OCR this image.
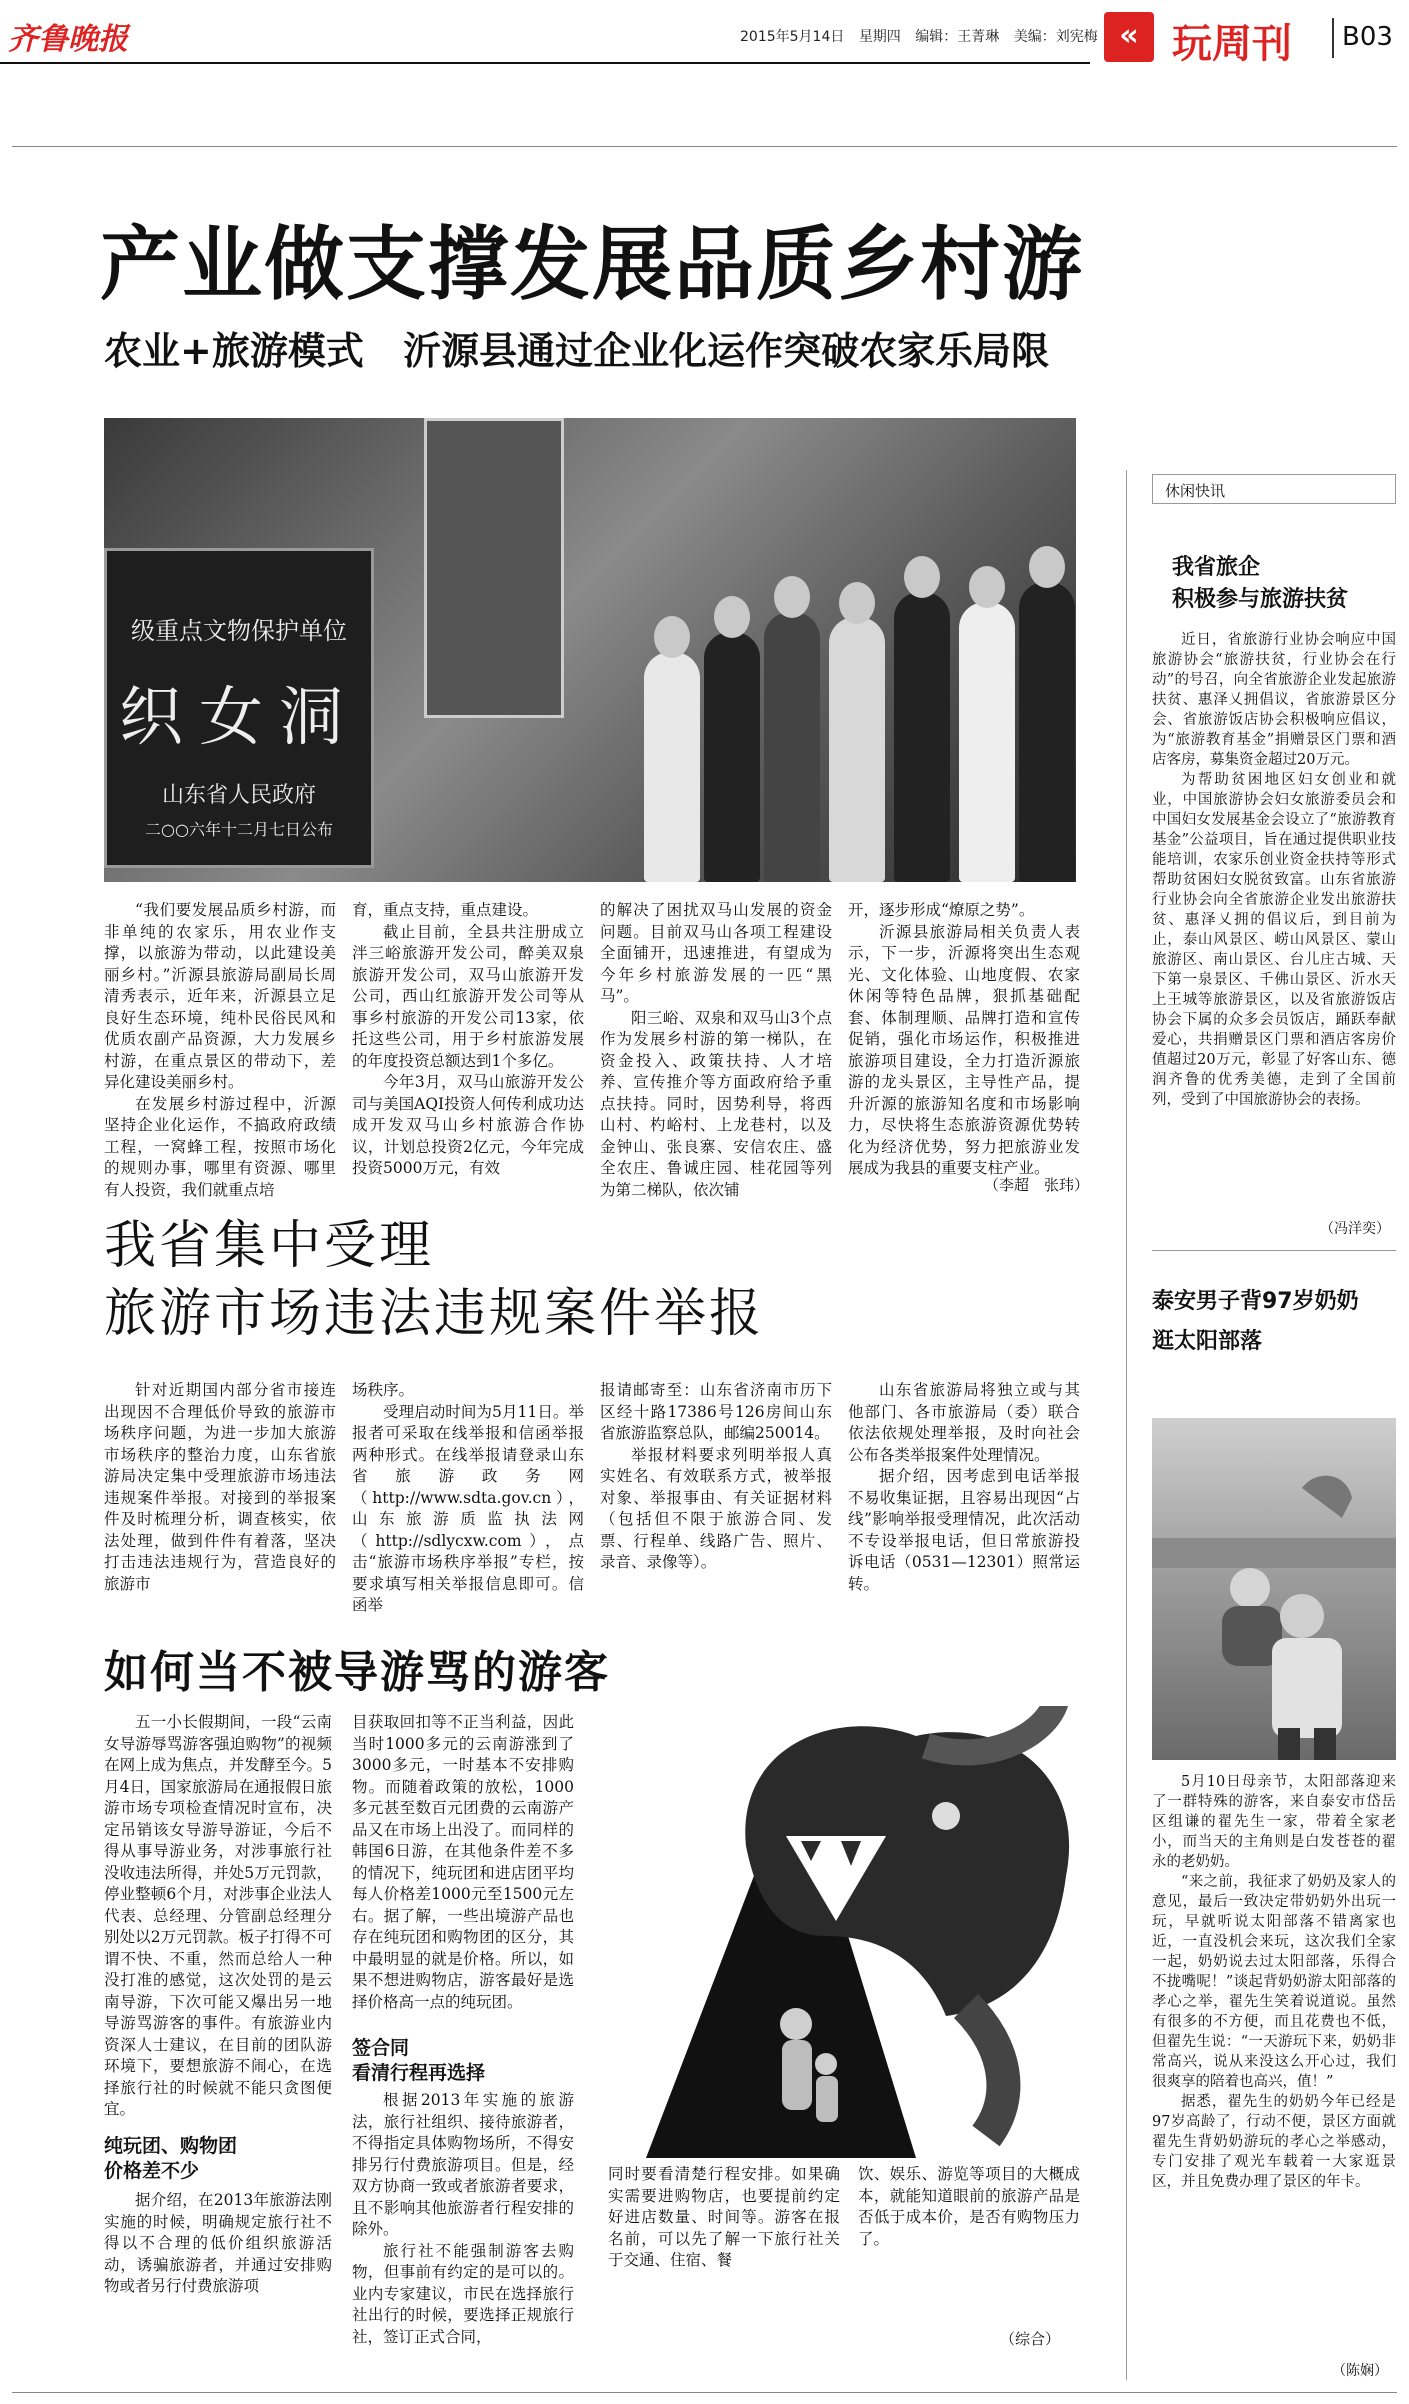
齐鲁晚报	2015年5月14日 星期四 编辑：王菁琳 美编：刘宪梅 « 玩周刊 B03
产业做支撑发展品质乡村游
农业+旅游模式 沂源县通过企业化运作突破农家乐局限
级重点文物保护单位
织女洞
山东省人民政府
二○○六年十二月七日公布

“我们要发展品质乡村游，而非单纯的农家乐，用农业作支撑，以旅游为带动，以此建设美丽乡村。”沂源县旅游局副局长周清秀表示，近年来，沂源县立足良好生态环境，纯朴民俗民风和优质农副产品资源，大力发展乡村游，在重点景区的带动下，差异化建设美丽乡村。

在发展乡村游过程中，沂源坚持企业化运作，不搞政府政绩工程，一窝蜂工程，按照市场化的规则办事，哪里有资源、哪里有人投资，我们就重点培

育，重点支持，重点建设。

截止目前，全县共注册成立泮三峪旅游开发公司，醉美双泉旅游开发公司，双马山旅游开发公司，西山红旅游开发公司等从事乡村旅游的开发公司13家，依托这些公司，用于乡村旅游发展的年度投资总额达到1个多亿。

今年3月，双马山旅游开发公司与美国AQI投资人何传利成功达成开发双马山乡村旅游合作协议，计划总投资2亿元，今年完成投资5000万元，有效

的解决了困扰双马山发展的资金问题。目前双马山各项工程建设全面铺开，迅速推进，有望成为今年乡村旅游发展的一匹“黑马”。

阳三峪、双泉和双马山3个点作为发展乡村游的第一梯队，在资金投入、政策扶持、人才培养、宣传推介等方面政府给予重点扶持。同时，因势利导，将西山村、杓峪村、上龙巷村，以及金钟山、张良寨、安信农庄、盛全农庄、鲁诚庄园、桂花园等列为第二梯队，依次铺

开，逐步形成“燎原之势”。

沂源县旅游局相关负责人表示，下一步，沂源将突出生态观光、文化体验、山地度假、农家休闲等特色品牌，狠抓基础配套、体制理顺、品牌打造和宣传促销，强化市场运作，积极推进旅游项目建设，全力打造沂源旅游的龙头景区，主导性产品，提升沂源的旅游知名度和市场影响力，尽快将生态旅游资源优势转化为经济优势，努力把旅游业发展成为我县的重要支柱产业。

（李超　张玮）
我省集中受理
旅游市场违法违规案件举报

针对近期国内部分省市接连出现因不合理低价导致的旅游市场秩序问题，为进一步加大旅游市场秩序的整治力度，山东省旅游局决定集中受理旅游市场违法违规案件举报。对接到的举报案件及时梳理分析，调查核实，依法处理，做到件件有着落，坚决打击违法违规行为，营造良好的旅游市

场秩序。

受理启动时间为5月11日。举报者可采取在线举报和信函举报两种形式。在线举报请登录山东省旅游政务网（http://www.sdta.gov.cn），山东旅游质监执法网（http://sdlycxw.com），点击“旅游市场秩序举报”专栏，按要求填写相关举报信息即可。信函举

报请邮寄至：山东省济南市历下区经十路17386号126房间山东省旅游监察总队，邮编250014。

举报材料要求列明举报人真实姓名、有效联系方式，被举报对象、举报事由、有关证据材料（包括但不限于旅游合同、发票、行程单、线路广告、照片、录音、录像等）。

山东省旅游局将独立或与其他部门、各市旅游局（委）联合依法依规处理举报，及时向社会公布各类举报案件处理情况。

据介绍，因考虑到电话举报不易收集证据，且容易出现因“占线”影响举报受理情况，此次活动不专设举报电话，但日常旅游投诉电话（0531—12301）照常运转。

如何当不被导游骂的游客

五一小长假期间，一段“云南女导游辱骂游客强迫购物”的视频在网上成为焦点，并发酵至今。5月4日，国家旅游局在通报假日旅游市场专项检查情况时宣布，决定吊销该女导游导游证，今后不得从事导游业务，对涉事旅行社没收违法所得，并处5万元罚款，停业整顿6个月，对涉事企业法人代表、总经理、分管副总经理分别处以2万元罚款。板子打得不可谓不快、不重，然而总给人一种没打准的感觉，这次处罚的是云南导游，下次可能又爆出另一地导游骂游客的事件。有旅游业内资深人士建议，在目前的团队游环境下，要想旅游不闹心，在选择旅行社的时候就不能只贪图便宜。

纯玩团、购物团
价格差不少

据介绍，在2013年旅游法刚实施的时候，明确规定旅行社不得以不合理的低价组织旅游活动，诱骗旅游者，并通过安排购物或者另行付费旅游项

目获取回扣等不正当利益，因此当时1000多元的云南游涨到了3000多元，一时基本不安排购物。而随着政策的放松，1000多元甚至数百元团费的云南游产品又在市场上出没了。而同样的韩国6日游，在其他条件差不多的情况下，纯玩团和进店团平均每人价格差1000元至1500元左右。据了解，一些出境游产品也存在纯玩团和购物团的区分，其中最明显的就是价格。所以，如果不想进购物店，游客最好是选择价格高一点的纯玩团。

签合同
看清行程再选择

根据2013年实施的旅游法，旅行社组织、接待旅游者，不得指定具体购物场所，不得安排另行付费旅游项目。但是，经双方协商一致或者旅游者要求，且不影响其他旅游者行程安排的除外。

旅行社不能强制游客去购物，但事前有约定的是可以的。业内专家建议，市民在选择旅行社出行的时候，要选择正规旅行社，签订正式合同，

同时要看清楚行程安排。如果确实需要进购物店，也要提前约定好进店数量、时间等。游客在报名前，可以先了解一下旅行社关于交通、住宿、餐

饮、娱乐、游览等项目的大概成本，就能知道眼前的旅游产品是否低于成本价，是否有购物压力了。

（综合）
休闲快讯
我省旅企
积极参与旅游扶贫

近日，省旅游行业协会响应中国旅游协会“旅游扶贫，行业协会在行动”的号召，向全省旅游企业发起旅游扶贫、惠泽乂拥倡议，省旅游景区分会、省旅游饭店协会积极响应倡议，为“旅游教育基金”捐赠景区门票和酒店客房，募集资金超过20万元。

为帮助贫困地区妇女创业和就业，中国旅游协会妇女旅游委员会和中国妇女发展基金会设立了“旅游教育基金”公益项目，旨在通过提供职业技能培训，农家乐创业资金扶持等形式帮助贫困妇女脱贫致富。山东省旅游行业协会向全省旅游企业发出旅游扶贫、惠泽乂拥的倡议后，到目前为止，泰山风景区、崂山风景区、蒙山旅游区、南山景区、台儿庄古城、天下第一泉景区、千佛山景区、沂水天上王城等旅游景区，以及省旅游饭店协会下属的众多会员饭店，踊跃奉献爱心，共捐赠景区门票和酒店客房价值超过20万元，彰显了好客山东、德润齐鲁的优秀美德，走到了全国前列，受到了中国旅游协会的表扬。

（冯洋奕）
泰安男子背97岁奶奶
逛太阳部落

5月10日母亲节，太阳部落迎来了一群特殊的游客，来自泰安市岱岳区组谦的翟先生一家，带着全家老小，而当天的主角则是白发苍苍的翟永的老奶奶。

“来之前，我征求了奶奶及家人的意见，最后一致决定带奶奶外出玩一玩，早就听说太阳部落不错离家也近，一直没机会来玩，这次我们全家一起，奶奶说去过太阳部落，乐得合不拢嘴呢！”谈起背奶奶游太阳部落的孝心之举，翟先生笑着说道说。虽然有很多的不方便，而且花费也不低，但翟先生说：“一天游玩下来，奶奶非常高兴，说从来没这么开心过，我们很爽享的陪着也高兴，值！”

据悉，翟先生的奶奶今年已经是97岁高龄了，行动不便，景区方面就翟先生背奶奶游玩的孝心之举感动，专门安排了观光车载着一大家逛景区，并且免费办理了景区的年卡。

（陈娴）
